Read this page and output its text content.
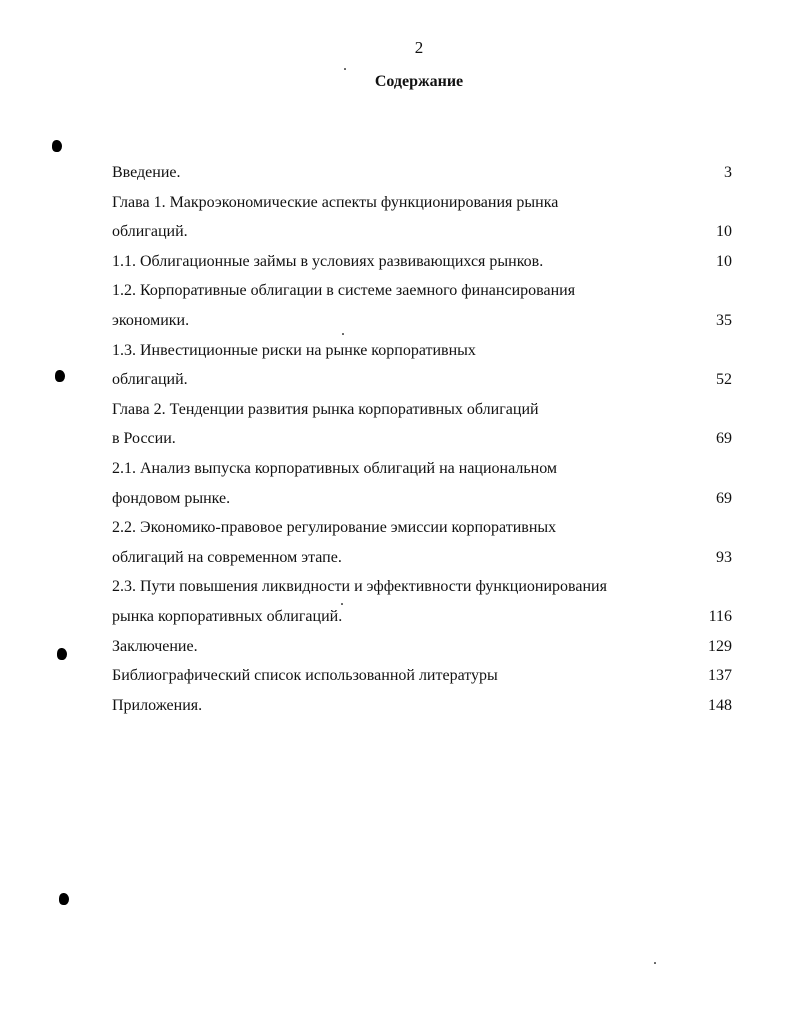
2
Содержание
Введение.	3
Глава 1. Макроэкономические аспекты функционирования рынка
облигаций.	10
1.1. Облигационные займы в условиях развивающихся рынков.	10
1.2. Корпоративные облигации в системе заемного финансирования
экономики.	35
1.3. Инвестиционные риски на рынке корпоративных
облигаций.	52
Глава 2. Тенденции развития рынка корпоративных облигаций
в России.	69
2.1. Анализ выпуска корпоративных облигаций на национальном
фондовом рынке.	69
2.2. Экономико-правовое регулирование эмиссии корпоративных
облигаций на современном этапе.	93
2.3. Пути повышения ликвидности и эффективности функционирования
рынка корпоративных облигаций.	116
Заключение.	129
Библиографический список использованной литературы	137
Приложения.	148
